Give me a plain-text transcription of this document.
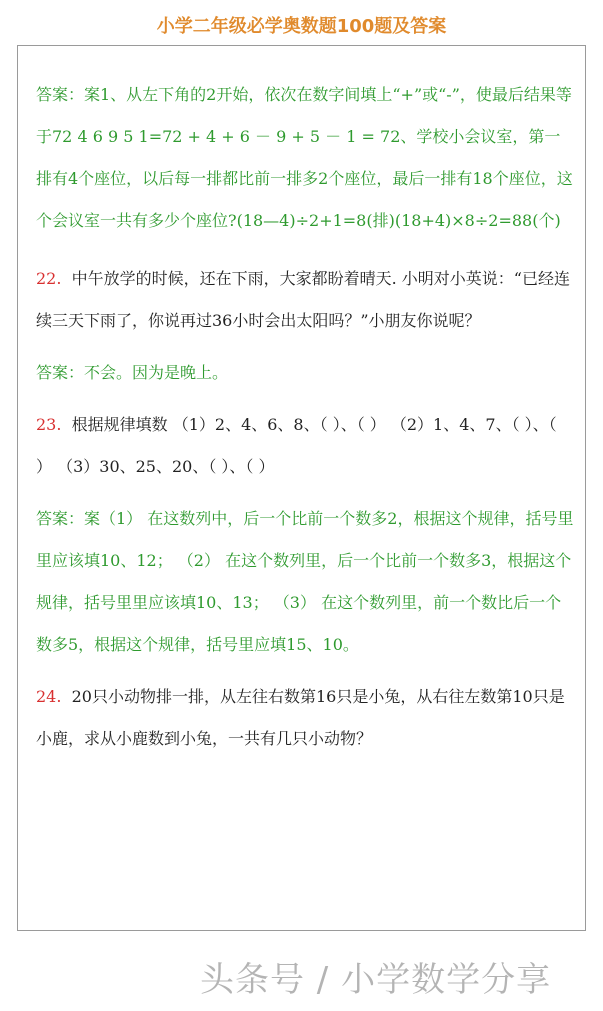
小学二年级必学奥数题100题及答案

答案：案1、从左下角的2开始，依次在数字间填上“+”或“-”，使最后结果等于72 4 6 9 5 1=72 + 4 + 6 － 9 + 5 － 1 = 72、学校小会议室，第一排有4个座位，以后每一排都比前一排多2个座位，最后一排有18个座位，这个会议室一共有多少个座位?(18—4)÷2+1=8(排)(18+4)×8÷2=88(个)

22. 中午放学的时候，还在下雨，大家都盼着晴天. 小明对小英说：“已经连续三天下雨了，你说再过36小时会出太阳吗？”小朋友你说呢？

答案：不会。因为是晚上。

23. 根据规律填数 （1）2、4、6、8、（ ）、（ ） （2）1、4、7、（ ）、（ ） （3）30、25、20、（ ）、（ ）

答案：案（1） 在这数列中，后一个比前一个数多2，根据这个规律，括号里里应该填10、12； （2） 在这个数列里，后一个比前一个数多3，根据这个规律，括号里里应该填10、13； （3） 在这个数列里，前一个数比后一个数多5，根据这个规律，括号里应填15、10。

24. 20只小动物排一排，从左往右数第16只是小兔，从右往左数第10只是小鹿，求从小鹿数到小兔，一共有几只小动物？

头条号 / 小学数学分享
